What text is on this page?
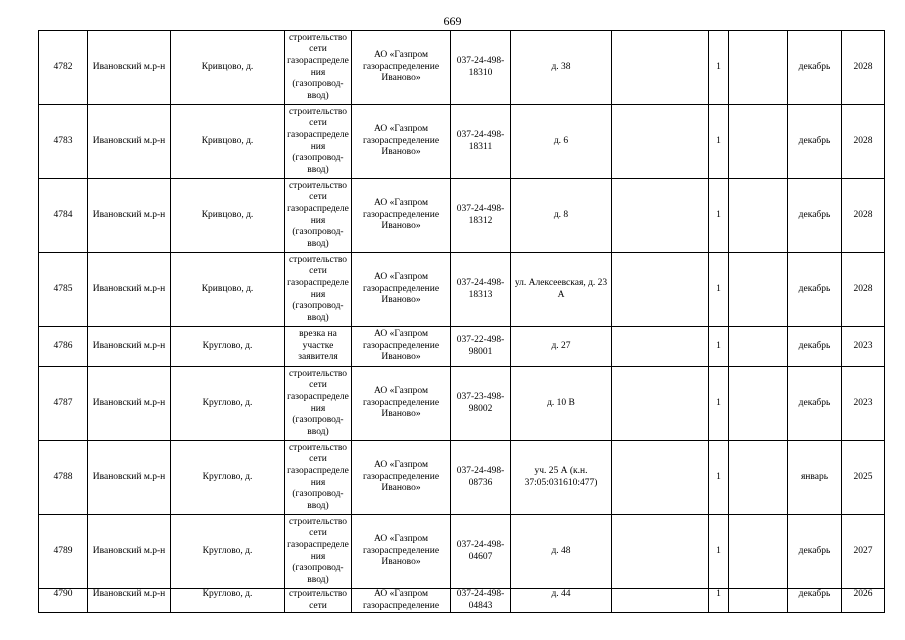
669
4782	Ивановский м.р-н	Кривцово, д.	строительство сети газораспределения (газопровод-ввод)	АО «Газпром газораспределение Иваново»	037-24-498-18310	д. 38		1		декабрь	2028
4783	Ивановский м.р-н	Кривцово, д.	строительство сети газораспределения (газопровод-ввод)	АО «Газпром газораспределение Иваново»	037-24-498-18311	д. 6		1		декабрь	2028
4784	Ивановский м.р-н	Кривцово, д.	строительство сети газораспределения (газопровод-ввод)	АО «Газпром газораспределение Иваново»	037-24-498-18312	д. 8		1		декабрь	2028
4785	Ивановский м.р-н	Кривцово, д.	строительство сети газораспределения (газопровод-ввод)	АО «Газпром газораспределение Иваново»	037-24-498-18313	ул. Алексеевская, д. 23 А		1		декабрь	2028
4786	Ивановский м.р-н	Круглово, д.	врезка на участке заявителя	АО «Газпром газораспределение Иваново»	037-22-498-98001	д. 27		1		декабрь	2023
4787	Ивановский м.р-н	Круглово, д.	строительство сети газораспределения (газопровод-ввод)	АО «Газпром газораспределение Иваново»	037-23-498-98002	д. 10 В		1		декабрь	2023
4788	Ивановский м.р-н	Круглово, д.	строительство сети газораспределения (газопровод-ввод)	АО «Газпром газораспределение Иваново»	037-24-498-08736	уч. 25 А (к.н. 37:05:031610:477)		1		январь	2025
4789	Ивановский м.р-н	Круглово, д.	строительство сети газораспределения (газопровод-ввод)	АО «Газпром газораспределение Иваново»	037-24-498-04607	д. 48		1		декабрь	2027
4790	Ивановский м.р-н	Круглово, д.	строительство сети	АО «Газпром газораспределение	037-24-498-04843	д. 44		1		декабрь	2026
